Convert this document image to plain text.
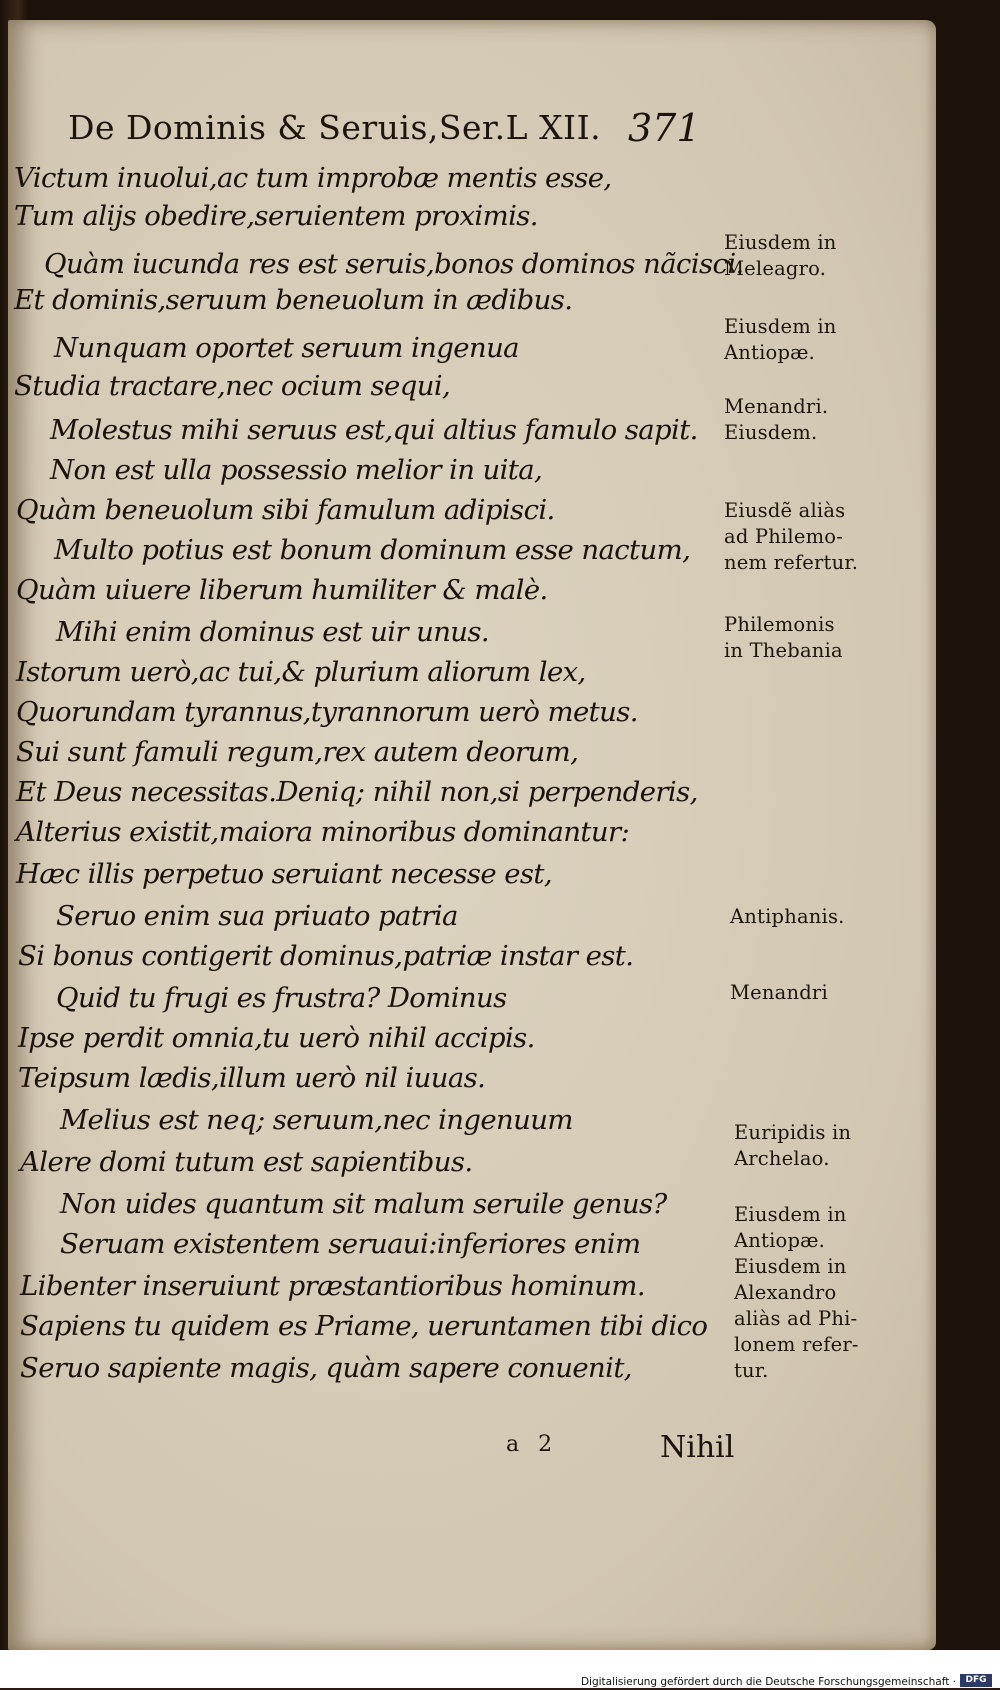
De Dominis & Seruis,Ser.L XII. 371
Victum inuolui,ac tum improbæ mentis esse,
Tum alijs obedire,seruientem proximis.
Quàm iucunda res est seruis,bonos dominos nãcisci.
Et dominis,seruum beneuolum in ædibus.
Nunquam oportet seruum ingenua
Studia tractare,nec ocium sequi,
Molestus mihi seruus est,qui altius famulo sapit.
Non est ulla possessio melior in uita,
Quàm beneuolum sibi famulum adipisci.
Multo potius est bonum dominum esse nactum,
Quàm uiuere liberum humiliter & malè.
Mihi enim dominus est uir unus.
Istorum uerò,ac tui,& plurium aliorum lex,
Quorundam tyrannus,tyrannorum uerò metus.
Sui sunt famuli regum,rex autem deorum,
Et Deus necessitas.Deniq; nihil non,si perpenderis,
Alterius existit,maiora minoribus dominantur:
Hæc illis perpetuo seruiant necesse est,
Seruo enim sua priuato patria
Si bonus contigerit dominus,patriæ instar est.
Quid tu frugi es frustra? Dominus
Ipse perdit omnia,tu uerò nihil accipis.
Teipsum lædis,illum uerò nil iuuas.
Melius est neq; seruum,nec ingenuum
Alere domi tutum est sapientibus.
Non uides quantum sit malum seruile genus?
Seruam existentem seruaui:inferiores enim
Libenter inseruiunt præstantioribus hominum.
Sapiens tu quidem es Priame, ueruntamen tibi dico
Seruo sapiente magis, quàm sapere conuenit,
Eiusdem in
Meleagro.
Eiusdem in
Antiopæ.
Menandri.
Eiusdem.
Eiusdẽ aliàs
ad Philemo-
nem refertur.
Philemonis
in Thebania
Antiphanis.
Menandri
Euripidis in
Archelao.
Eiusdem in
Antiopæ.
Eiusdem in
Alexandro
aliàs ad Phi-
lonem refer-
tur.
a 2	Nihil
Digitalisierung gefördert durch die Deutsche Forschungsgemeinschaft ·	DFG
